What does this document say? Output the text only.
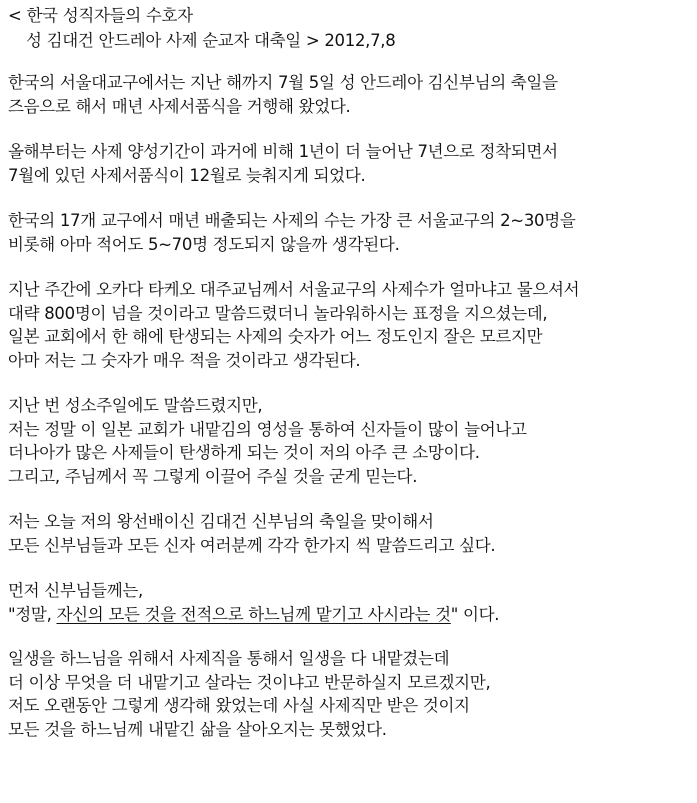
< 한국 성직자들의 수호자
성 김대건 안드레아 사제 순교자 대축일 > 2012,7,8
한국의 서울대교구에서는 지난 해까지 7월 5일 성 안드레아 김신부님의 축일을
즈음으로 해서 매년 사제서품식을 거행해 왔었다.
올해부터는 사제 양성기간이 과거에 비해 1년이 더 늘어난 7년으로 정착되면서
7월에 있던 사제서품식이 12월로 늦춰지게 되었다.
한국의 17개 교구에서 매년 배출되는 사제의 수는 가장 큰 서울교구의 2~30명을
비롯해 아마 적어도 5~70명 정도되지 않을까 생각된다.
지난 주간에 오카다 타케오 대주교님께서 서울교구의 사제수가 얼마냐고 물으셔서
대략 800명이 넘을 것이라고 말씀드렸더니 놀라워하시는 표정을 지으셨는데,
일본 교회에서 한 해에 탄생되는 사제의 숫자가 어느 정도인지 잘은 모르지만
아마 저는 그 숫자가 매우 적을 것이라고 생각된다.
지난 번 성소주일에도 말씀드렸지만,
저는 정말 이 일본 교회가 내맡김의 영성을 통하여 신자들이 많이 늘어나고
더나아가 많은 사제들이 탄생하게 되는 것이 저의 아주 큰 소망이다.
그리고, 주님께서 꼭 그렇게 이끌어 주실 것을 굳게 믿는다.
저는 오늘 저의 왕선배이신 김대건 신부님의 축일을 맞이해서
모든 신부님들과 모든 신자 여러분께 각각 한가지 씩 말씀드리고 싶다.
먼저 신부님들께는,
"정말, 자신의 모든 것을 전적으로 하느님께 맡기고 사시라는 것" 이다.
일생을 하느님을 위해서 사제직을 통해서 일생을 다 내맡겼는데
더 이상 무엇을 더 내맡기고 살라는 것이냐고 반문하실지 모르겠지만,
저도 오랜동안 그렇게 생각해 왔었는데 사실 사제직만 받은 것이지
모든 것을 하느님께 내맡긴 삶을 살아오지는 못했었다.
